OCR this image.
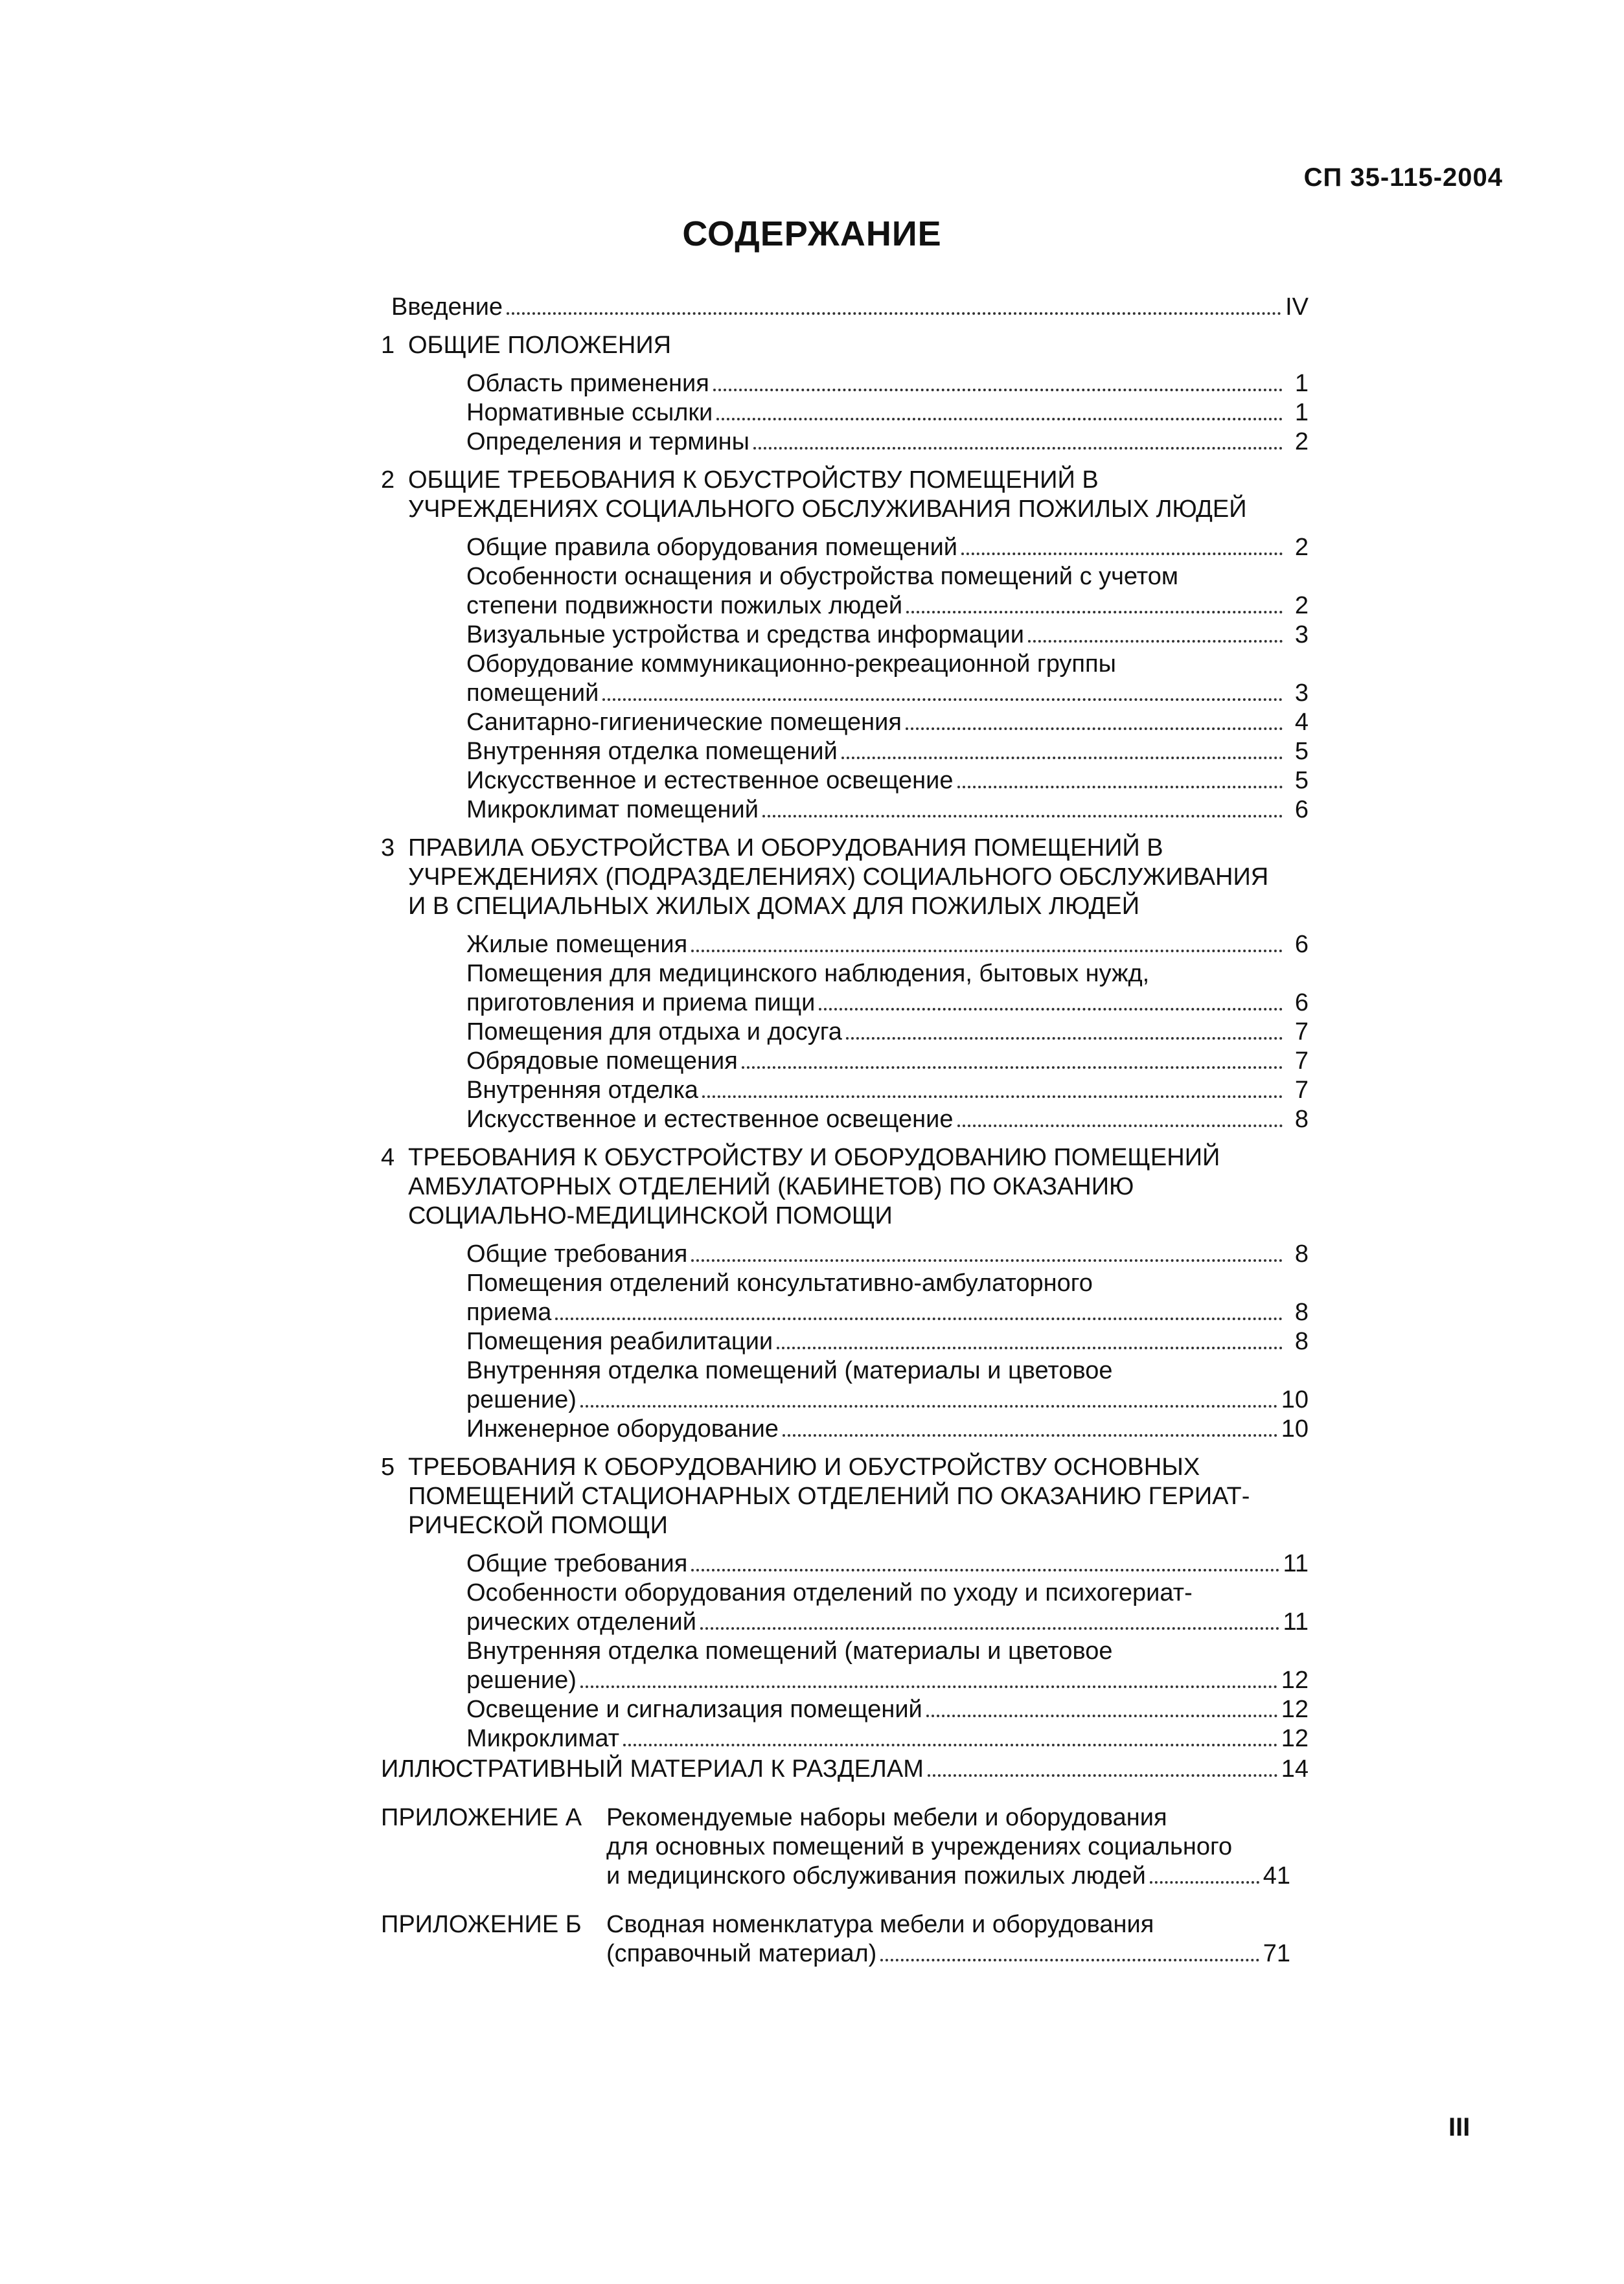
СП 35-115-2004
СОДЕРЖАНИЕ
Введение	IV
1 ОБЩИЕ ПОЛОЖЕНИЯ
Область применения	1
Нормативные ссылки	1
Определения и термины	2
2 ОБЩИЕ ТРЕБОВАНИЯ К ОБУСТРОЙСТВУ ПОМЕЩЕНИЙ В
УЧРЕЖДЕНИЯХ СОЦИАЛЬНОГО ОБСЛУЖИВАНИЯ ПОЖИЛЫХ ЛЮДЕЙ
Общие правила оборудования помещений	2
Особенности оснащения и обустройства помещений с учетом
степени подвижности пожилых людей	2
Визуальные устройства и средства информации	3
Оборудование коммуникационно-рекреационной группы
помещений	3
Санитарно-гигиенические помещения	4
Внутренняя отделка помещений	5
Искусственное и естественное освещение	5
Микроклимат помещений	6
3 ПРАВИЛА ОБУСТРОЙСТВА И ОБОРУДОВАНИЯ ПОМЕЩЕНИЙ В
УЧРЕЖДЕНИЯХ (ПОДРАЗДЕЛЕНИЯХ) СОЦИАЛЬНОГО ОБСЛУЖИВАНИЯ
И В СПЕЦИАЛЬНЫХ ЖИЛЫХ ДОМАХ ДЛЯ ПОЖИЛЫХ ЛЮДЕЙ
Жилые помещения	6
Помещения для медицинского наблюдения, бытовых нужд,
приготовления и приема пищи	6
Помещения для отдыха и досуга	7
Обрядовые помещения	7
Внутренняя отделка	7
Искусственное и естественное освещение	8
4 ТРЕБОВАНИЯ К ОБУСТРОЙСТВУ И ОБОРУДОВАНИЮ ПОМЕЩЕНИЙ
АМБУЛАТОРНЫХ ОТДЕЛЕНИЙ (КАБИНЕТОВ) ПО ОКАЗАНИЮ
СОЦИАЛЬНО-МЕДИЦИНСКОЙ ПОМОЩИ
Общие требования	8
Помещения отделений консультативно-амбулаторного
приема	8
Помещения реабилитации	8
Внутренняя отделка помещений (материалы и цветовое
решение)	10
Инженерное оборудование	10
5 ТРЕБОВАНИЯ К ОБОРУДОВАНИЮ И ОБУСТРОЙСТВУ ОСНОВНЫХ
ПОМЕЩЕНИЙ СТАЦИОНАРНЫХ ОТДЕЛЕНИЙ ПО ОКАЗАНИЮ ГЕРИАТ-
РИЧЕСКОЙ ПОМОЩИ
Общие требования	11
Особенности оборудования отделений по уходу и психогериат-
рических отделений	11
Внутренняя отделка помещений (материалы и цветовое
решение)	12
Освещение и сигнализация помещений	12
Микроклимат	12
ИЛЛЮСТРАТИВНЫЙ МАТЕРИАЛ К РАЗДЕЛАМ	14
ПРИЛОЖЕНИЕ А Рекомендуемые наборы мебели и оборудования
для основных помещений в учреждениях социального
и медицинского обслуживания пожилых людей	41
ПРИЛОЖЕНИЕ Б	Сводная номенклатура мебели и оборудования
(справочный материал)	71
III
